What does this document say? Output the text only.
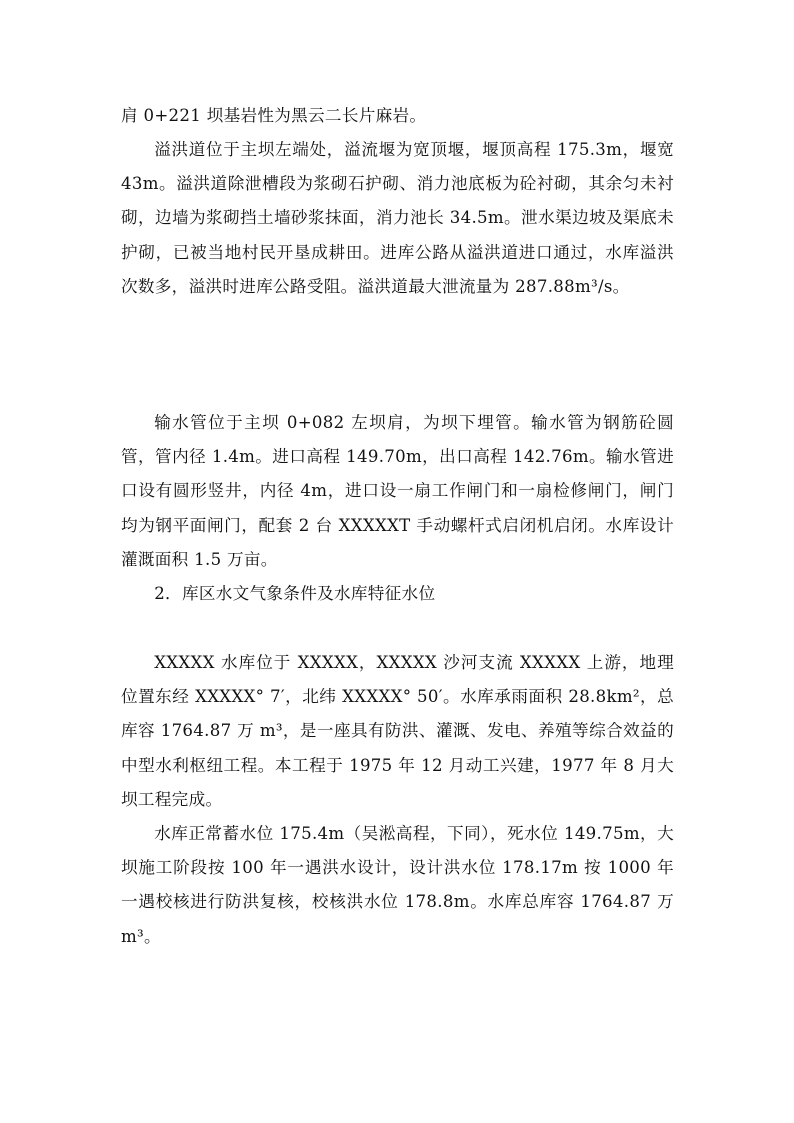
肩 0+221 坝基岩性为黑云二长片麻岩。

溢洪道位于主坝左端处，溢流堰为宽顶堰，堰顶高程 175.3m，堰宽 43m。溢洪道除泄槽段为浆砌石护砌、消力池底板为砼衬砌，其余匀未衬砌，边墙为浆砌挡土墙砂浆抹面，消力池长 34.5m。泄水渠边坡及渠底未护砌，已被当地村民开垦成耕田。进库公路从溢洪道进口通过，水库溢洪次数多，溢洪时进库公路受阻。溢洪道最大泄流量为 287.88m³/s。

输水管位于主坝 0+082 左坝肩，为坝下埋管。输水管为钢筋砼圆管，管内径 1.4m。进口高程 149.70m，出口高程 142.76m。输水管进口设有圆形竖井，内径 4m，进口设一扇工作闸门和一扇检修闸门，闸门均为钢平面闸门，配套 2 台 XXXXXT 手动螺杆式启闭机启闭。水库设计灌溉面积 1.5 万亩。

2．库区水文气象条件及水库特征水位

XXXXX 水库位于 XXXXX，XXXXX 沙河支流 XXXXX 上游，地理位置东经 XXXXX° 7′，北纬 XXXXX° 50′。水库承雨面积 28.8km²，总库容 1764.87 万 m³，是一座具有防洪、灌溉、发电、养殖等综合效益的中型水利枢纽工程。本工程于 1975 年 12 月动工兴建，1977 年 8 月大坝工程完成。

水库正常蓄水位 175.4m（吴淞高程，下同），死水位 149.75m，大坝施工阶段按 100 年一遇洪水设计，设计洪水位 178.17m 按 1000 年一遇校核进行防洪复核，校核洪水位 178.8m。水库总库容 1764.87 万 m³。
